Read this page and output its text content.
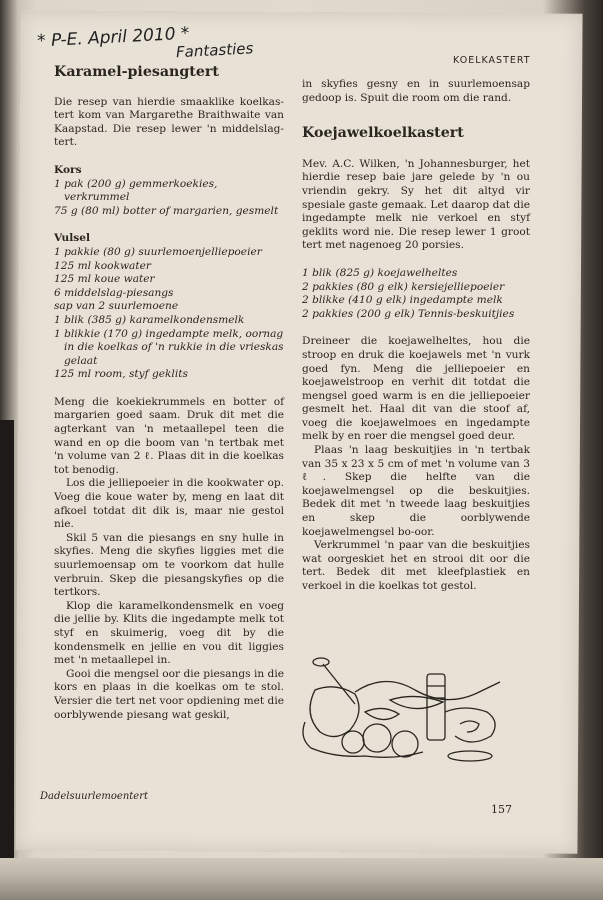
* P-E. April 2010 *
Fantasties	KOELKASTERT
Karamel-piesangtert

Die resep van hierdie smaaklike koelkas-tert kom van Margarethe Braithwaite van Kaapstad. Die resep lewer 'n middelslag-tert.

Kors
1 pak (200 g) gemmerkoekies, verkrummel
75 g (80 ml) botter of margarien, gesmelt
Vulsel
1 pakkie (80 g) suurlemoenjelliepoeier
125 ml kookwater
125 ml koue water
6 middelslag-piesangs
sap van 2 suurlemoene
1 blik (385 g) karamelkondensmelk
1 blikkie (170 g) ingedampte melk, oornag in die koelkas of 'n rukkie in die vrieskas gelaat
125 ml room, styf geklits

Meng die koekiekrummels en botter of margarien goed saam. Druk dit met die agterkant van 'n metaallepel teen die wand en op die boom van 'n tertbak met 'n volume van 2 ℓ. Plaas dit in die koelkas tot benodig.

Los die jelliepoeier in die kookwater op. Voeg die koue water by, meng en laat dit afkoel totdat dit dik is, maar nie gestol nie.

Skil 5 van die piesangs en sny hulle in skyfies. Meng die skyfies liggies met die suurlemoensap om te voorkom dat hulle verbruin. Skep die piesangskyfies op die tertkors.

Klop die karamelkondensmelk en voeg die jellie by. Klits die ingedampte melk tot styf en skuimerig, voeg dit by die kondensmelk en jellie en vou dit liggies met 'n metaallepel in.

Gooi die mengsel oor die piesangs in die kors en plaas in die koelkas om te stol. Versier die tert net voor opdiening met die oorblywende piesang wat geskil,

in skyfies gesny en in suurlemoensap gedoop is. Spuit die room om die rand.

Koejawelkoelkastert

Mev. A.C. Wilken, 'n Johannesburger, het hierdie resep baie jare gelede by 'n ou vriendin gekry. Sy het dit altyd vir spesiale gaste gemaak. Let daarop dat die ingedampte melk nie verkoel en styf geklits word nie. Die resep lewer 1 groot tert met nagenoeg 20 porsies.

1 blik (825 g) koejawelheltes
2 pakkies (80 g elk) kersiejelliepoeier
2 blikke (410 g elk) ingedampte melk
2 pakkies (200 g elk) Tennis-beskuitjies

Dreineer die koejawelheltes, hou die stroop en druk die koejawels met 'n vurk goed fyn. Meng die jelliepoeier en koejawelstroop en verhit dit totdat die mengsel goed warm is en die jelliepoeier gesmelt het. Haal dit van die stoof af, voeg die koejawelmoes en ingedampte melk by en roer die mengsel goed deur.

Plaas 'n laag beskuitjies in 'n tertbak van 35 x 23 x 5 cm of met 'n volume van 3 ℓ. Skep die helfte van die koejawelmengsel op die beskuitjies. Bedek dit met 'n tweede laag beskuitjies en skep die oorblywende koejawelmengsel bo-oor.

Verkrummel 'n paar van die beskuitjies wat oorgeskiet het en strooi dit oor die tert. Bedek dit met kleefplastiek en verkoel in die koelkas tot gestol.

Dadelsuurlemoentert
157
